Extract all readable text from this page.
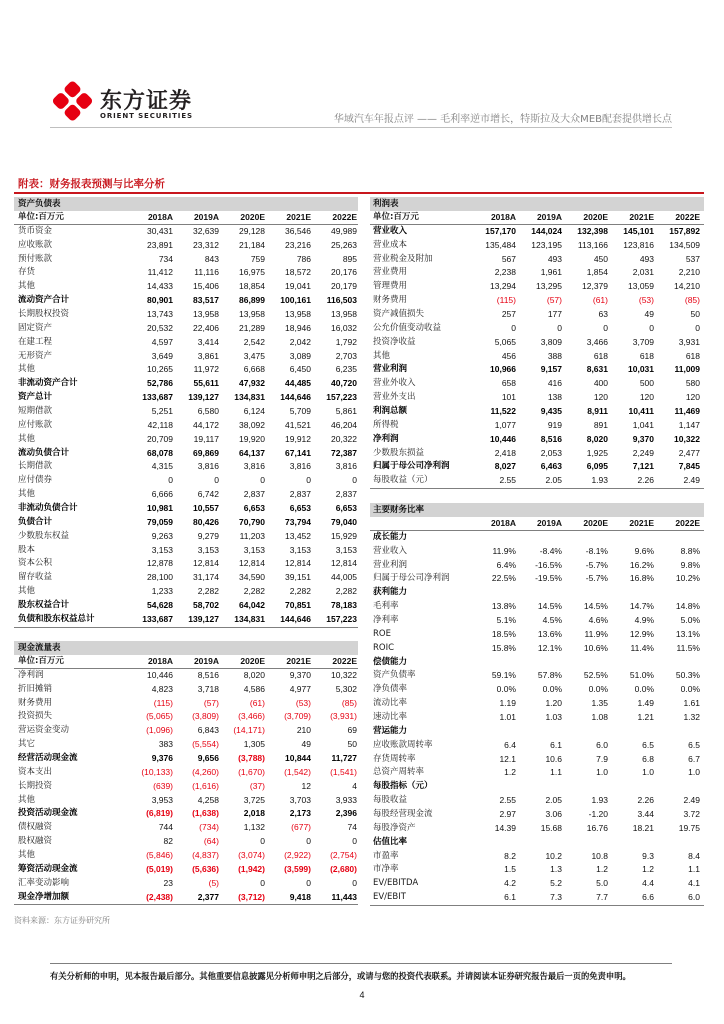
东方证券
ORIENT SECURITIES	华域汽车年报点评 —— 毛利率逆市增长，特斯拉及大众MEB配套提供增长点
附表：财务报表预测与比率分析
资产负债表
单位:百万元	2018A	2019A	2020E	2021E	2022E
货币资金	30,431	32,639	29,128	36,546	49,989
应收账款	23,891	23,312	21,184	23,216	25,263
预付账款	734	843	759	786	895
存货	11,412	11,116	16,975	18,572	20,176
其他	14,433	15,406	18,854	19,041	20,179
流动资产合计	80,901	83,517	86,899	100,161	116,503
长期股权投资	13,743	13,958	13,958	13,958	13,958
固定资产	20,532	22,406	21,289	18,946	16,032
在建工程	4,597	3,414	2,542	2,042	1,792
无形资产	3,649	3,861	3,475	3,089	2,703
其他	10,265	11,972	6,668	6,450	6,235
非流动资产合计	52,786	55,611	47,932	44,485	40,720
资产总计	133,687	139,127	134,831	144,646	157,223
短期借款	5,251	6,580	6,124	5,709	5,861
应付账款	42,118	44,172	38,092	41,521	46,204
其他	20,709	19,117	19,920	19,912	20,322
流动负债合计	68,078	69,869	64,137	67,141	72,387
长期借款	4,315	3,816	3,816	3,816	3,816
应付债券	0	0	0	0	0
其他	6,666	6,742	2,837	2,837	2,837
非流动负债合计	10,981	10,557	6,653	6,653	6,653
负债合计	79,059	80,426	70,790	73,794	79,040
少数股东权益	9,263	9,279	11,203	13,452	15,929
股本	3,153	3,153	3,153	3,153	3,153
资本公积	12,878	12,814	12,814	12,814	12,814
留存收益	28,100	31,174	34,590	39,151	44,005
其他	1,233	2,282	2,282	2,282	2,282
股东权益合计	54,628	58,702	64,042	70,851	78,183
负债和股东权益总计	133,687	139,127	134,831	144,646	157,223
利润表
单位:百万元	2018A	2019A	2020E	2021E	2022E
营业收入	157,170	144,024	132,398	145,101	157,892
营业成本	135,484	123,195	113,166	123,816	134,509
营业税金及附加	567	493	450	493	537
营业费用	2,238	1,961	1,854	2,031	2,210
管理费用	13,294	13,295	12,379	13,059	14,210
财务费用	(115)	(57)	(61)	(53)	(85)
资产减值损失	257	177	63	49	50
公允价值变动收益	0	0	0	0	0
投资净收益	5,065	3,809	3,466	3,709	3,931
其他	456	388	618	618	618
营业利润	10,966	9,157	8,631	10,031	11,009
营业外收入	658	416	400	500	580
营业外支出	101	138	120	120	120
利润总额	11,522	9,435	8,911	10,411	11,469
所得税	1,077	919	891	1,041	1,147
净利润	10,446	8,516	8,020	9,370	10,322
少数股东损益	2,418	2,053	1,925	2,249	2,477
归属于母公司净利润	8,027	6,463	6,095	7,121	7,845
每股收益（元）	2.55	2.05	1.93	2.26	2.49
主要财务比率
2018A	2019A	2020E	2021E	2022E
成长能力
营业收入	11.9%	-8.4%	-8.1%	9.6%	8.8%
营业利润	6.4%	-16.5%	-5.7%	16.2%	9.8%
归属于母公司净利润	22.5%	-19.5%	-5.7%	16.8%	10.2%
获利能力
毛利率	13.8%	14.5%	14.5%	14.7%	14.8%
净利率	5.1%	4.5%	4.6%	4.9%	5.0%
ROE	18.5%	13.6%	11.9%	12.9%	13.1%
ROIC	15.8%	12.1%	10.6%	11.4%	11.5%
偿债能力
资产负债率	59.1%	57.8%	52.5%	51.0%	50.3%
净负债率	0.0%	0.0%	0.0%	0.0%	0.0%
流动比率	1.19	1.20	1.35	1.49	1.61
速动比率	1.01	1.03	1.08	1.21	1.32
营运能力
应收账款周转率	6.4	6.1	6.0	6.5	6.5
存货周转率	12.1	10.6	7.9	6.8	6.7
总资产周转率	1.2	1.1	1.0	1.0	1.0
每股指标（元）
每股收益	2.55	2.05	1.93	2.26	2.49
每股经营现金流	2.97	3.06	-1.20	3.44	3.72
每股净资产	14.39	15.68	16.76	18.21	19.75
估值比率
市盈率	8.2	10.2	10.8	9.3	8.4
市净率	1.5	1.3	1.2	1.2	1.1
EV/EBITDA	4.2	5.2	5.0	4.4	4.1
EV/EBIT	6.1	7.3	7.7	6.6	6.0
现金流量表
单位:百万元	2018A	2019A	2020E	2021E	2022E
净利润	10,446	8,516	8,020	9,370	10,322
折旧摊销	4,823	3,718	4,586	4,977	5,302
财务费用	(115)	(57)	(61)	(53)	(85)
投资损失	(5,065)	(3,809)	(3,466)	(3,709)	(3,931)
营运资金变动	(1,096)	6,843	(14,171)	210	69
其它	383	(5,554)	1,305	49	50
经营活动现金流	9,376	9,656	(3,788)	10,844	11,727
资本支出	(10,133)	(4,260)	(1,670)	(1,542)	(1,541)
长期投资	(639)	(1,616)	(37)	12	4
其他	3,953	4,258	3,725	3,703	3,933
投资活动现金流	(6,819)	(1,638)	2,018	2,173	2,396
债权融资	744	(734)	1,132	(677)	74
股权融资	82	(64)	0	0	0
其他	(5,846)	(4,837)	(3,074)	(2,922)	(2,754)
筹资活动现金流	(5,019)	(5,636)	(1,942)	(3,599)	(2,680)
汇率变动影响	23	(5)	0	0	0
现金净增加额	(2,438)	2,377	(3,712)	9,418	11,443
资料来源：东方证券研究所
有关分析师的申明，见本报告最后部分。其他重要信息披露见分析师申明之后部分，或请与您的投资代表联系。并请阅读本证券研究报告最后一页的免责申明。
4
